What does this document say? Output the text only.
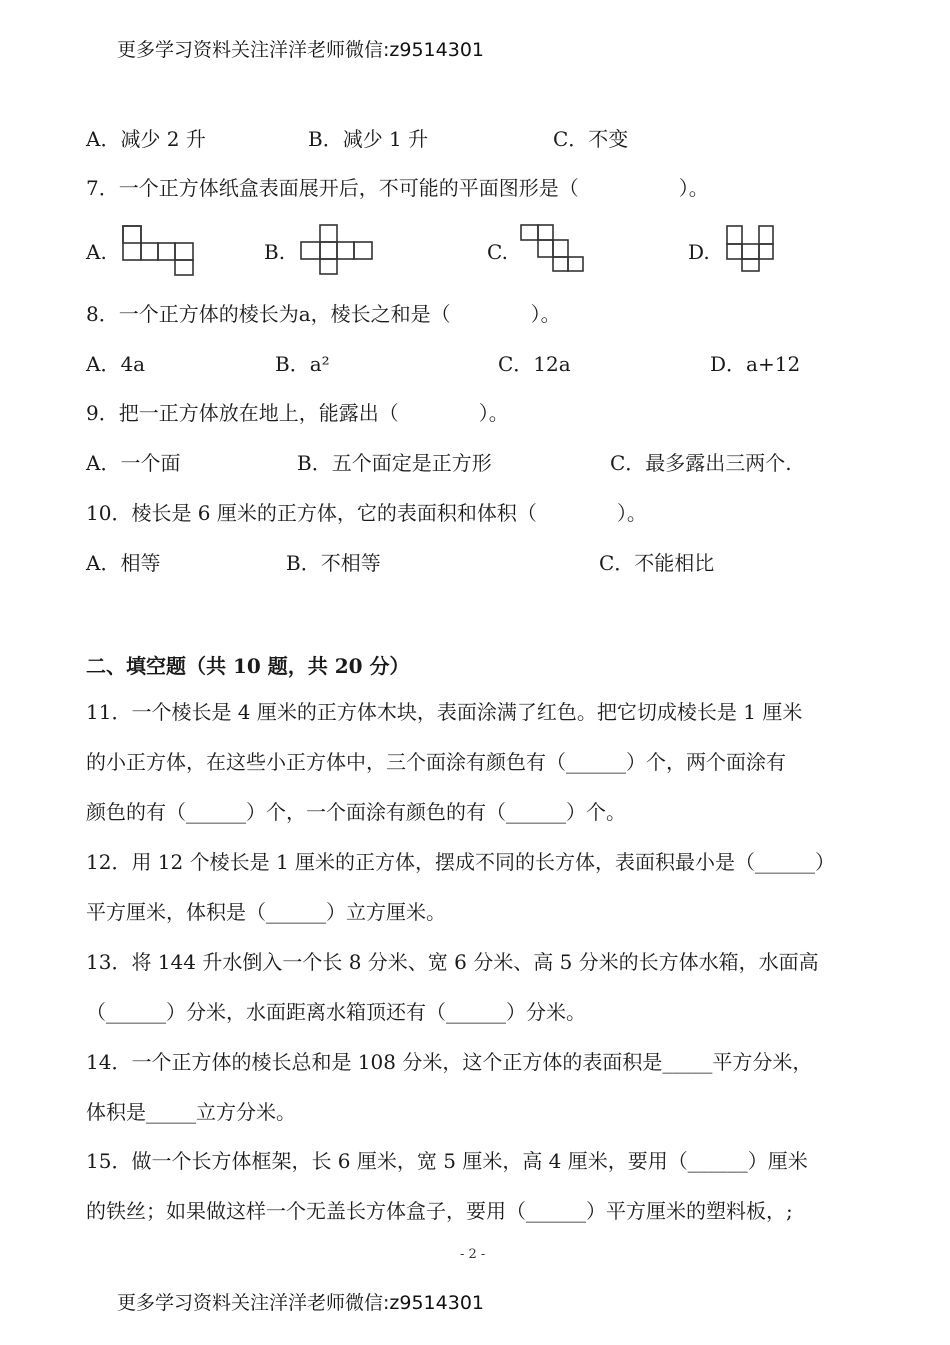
更多学习资料关注洋洋老师微信:z9514301
A．减少 2 升	B．减少 1 升	C．不变
7．一个正方体纸盒表面展开后，不可能的平面图形是（　　　　　）。
A.	B.	C.	D.
8．一个正方体的棱长为a，棱长之和是（　　　　）。
A．4a	B．a²	C．12a	D．a+12
9．把一正方体放在地上，能露出（　　　　）。
A．一个面	B．五个面定是正方形	C．最多露出三两个.
10．棱长是 6 厘米的正方体，它的表面积和体积（　　　　）。
A．相等	B．不相等	C．不能相比
二、填空题（共 10 题，共 20 分）
11．一个棱长是 4 厘米的正方体木块，表面涂满了红色。把它切成棱长是 1 厘米
的小正方体，在这些小正方体中，三个面涂有颜色有（______）个，两个面涂有
颜色的有（______）个，一个面涂有颜色的有（______）个。
12．用 12 个棱长是 1 厘米的正方体，摆成不同的长方体，表面积最小是（______）
平方厘米，体积是（______）立方厘米。
13．将 144 升水倒入一个长 8 分米、宽 6 分米、高 5 分米的长方体水箱，水面高
（______）分米，水面距离水箱顶还有（______）分米。
14．一个正方体的棱长总和是 108 分米，这个正方体的表面积是_____平方分米，
体积是_____立方分米。
15．做一个长方体框架，长 6 厘米，宽 5 厘米，高 4 厘米，要用（______）厘米
的铁丝；如果做这样一个无盖长方体盒子，要用（______）平方厘米的塑料板，;
- 2 -
更多学习资料关注洋洋老师微信:z9514301
